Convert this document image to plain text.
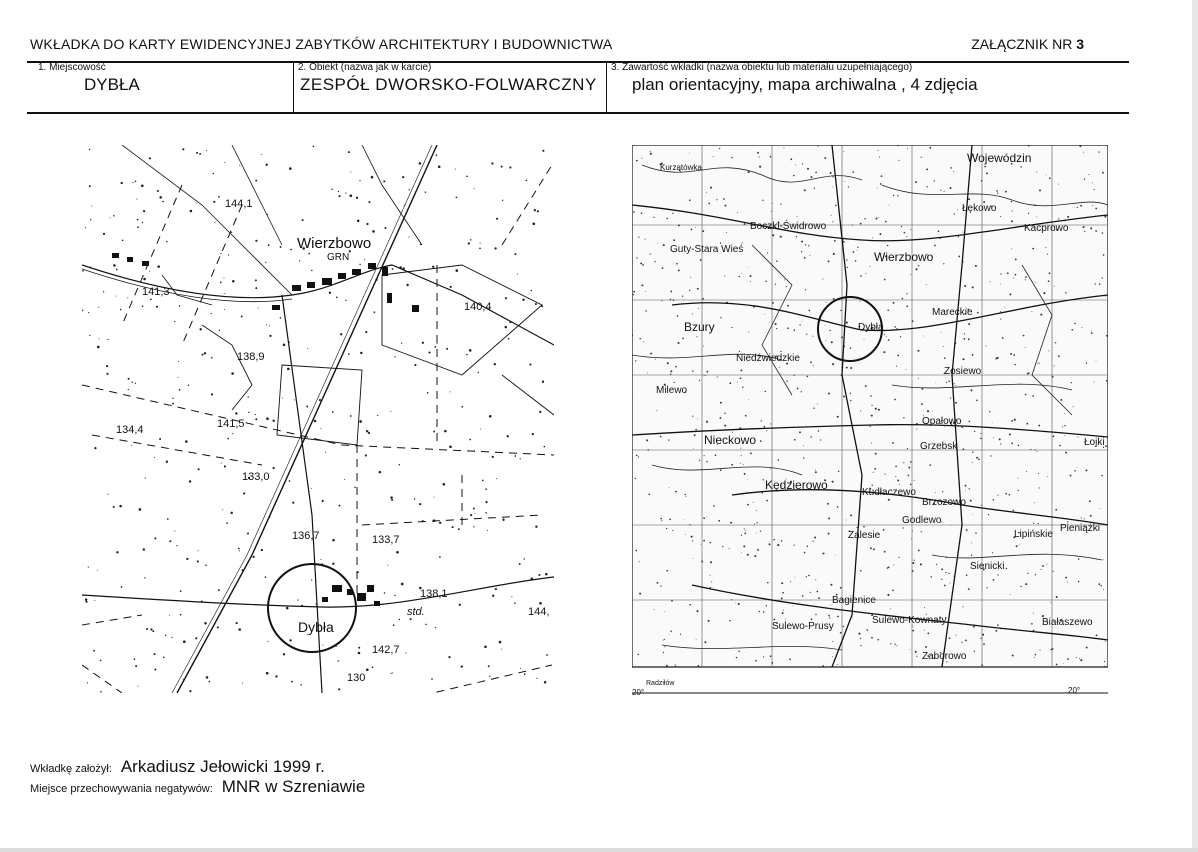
WKŁADKA DO KARTY EWIDENCYJNEJ ZABYTKÓW ARCHITEKTURY I BUDOWNICTWA	ZAŁĄCZNIK NR 3
1. Miejscowość
DYBŁA
2. Obiekt (nazwa jak w karcie)
ZESPÓŁ DWORSKO-FOLWARCZNY
3. Zawartość wkładki (nazwa obiektu lub materiału uzupełniającego)
plan orientacyjny, mapa archiwalna , 4 zdjęcia
144,1
141,3
140,4
138,9
141,5
134,4
133,0
136,7	133,7
138,1
142,7
144,
130
std.
Wierzbowo
GRN
Dybła
Wojewódzin
Kurzątówka
Boczki-Świdrowo
Guty-Stara Wieś
Wierzbowo
Łękowo
Kacprowo
Bzury	Dybła
Mareckie
Niedźwiedzkie
Zosiewo
Milewo
Opałowo
Nieckowo	Grzebsk
Kędzierowo
Kudłaczewo
Brzozowo
Godlewo
Lipińskie
Pieniążki
Zalesie
Sienicki
Bagienice
Sulewo-Kownaty
Sulewo-Prusy	Białaszewo
Zaborowo
Łojki
Radziłów
20°	20°
Wkładkę założył: Arkadiusz Jełowicki 1999 r.
Miejsce przechowywania negatywów: MNR w Szreniawie
